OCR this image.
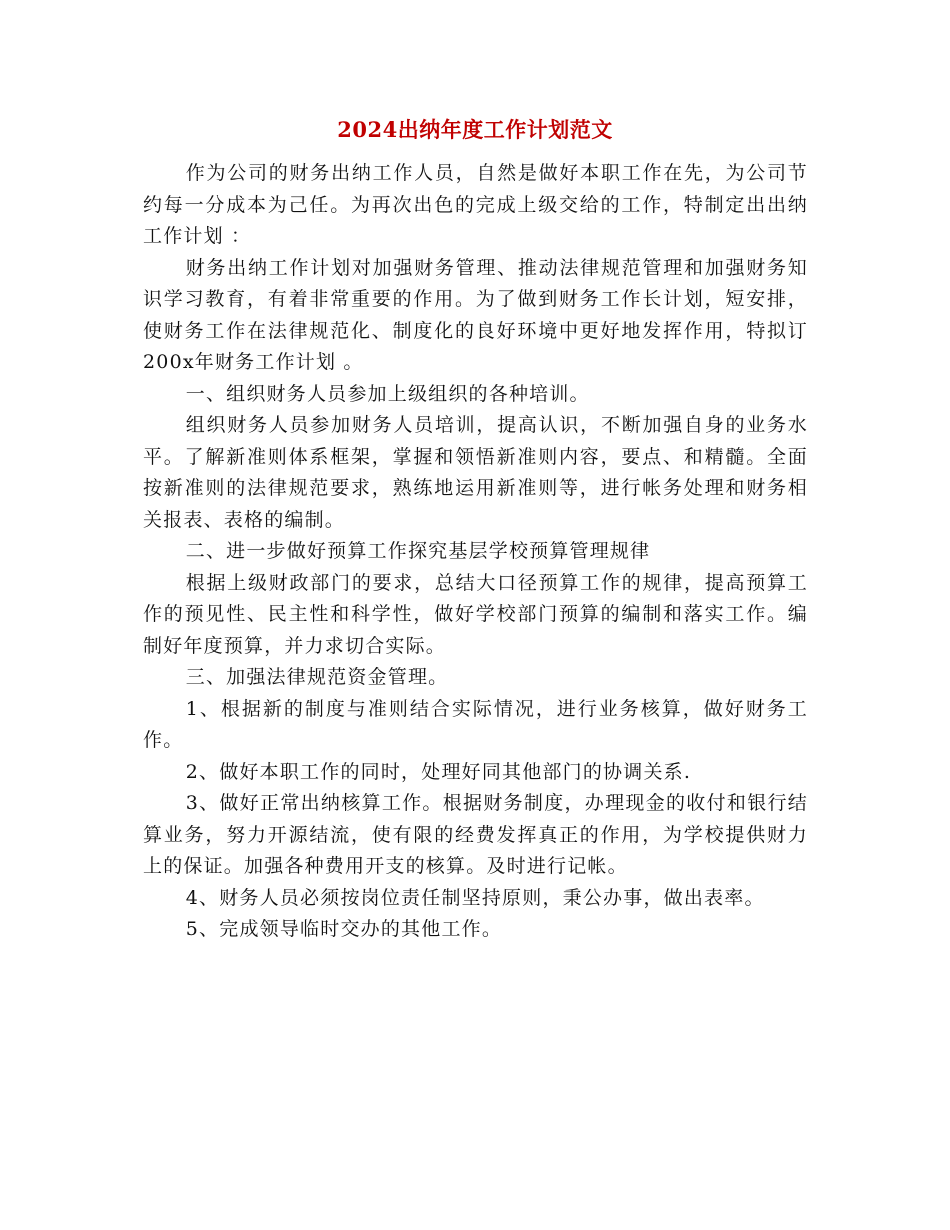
2024出纳年度工作计划范文

作为公司的财务出纳工作人员，自然是做好本职工作在先，为公司节约每一分成本为己任。为再次出色的完成上级交给的工作，特制定出出纳工作计划 ：

财务出纳工作计划对加强财务管理、推动法律规范管理和加强财务知识学习教育，有着非常重要的作用。为了做到财务工作长计划，短安排，使财务工作在法律规范化、制度化的良好环境中更好地发挥作用，特拟订200x年财务工作计划 。

一、组织财务人员参加上级组织的各种培训。

组织财务人员参加财务人员培训，提高认识，不断加强自身的业务水平。了解新准则体系框架，掌握和领悟新准则内容，要点、和精髓。全面按新准则的法律规范要求，熟练地运用新准则等，进行帐务处理和财务相关报表、表格的编制。

二、进一步做好预算工作探究基层学校预算管理规律

根据上级财政部门的要求，总结大口径预算工作的规律，提高预算工作的预见性、民主性和科学性，做好学校部门预算的编制和落实工作。编制好年度预算，并力求切合实际。

三、加强法律规范资金管理。

1、根据新的制度与准则结合实际情况，进行业务核算，做好财务工作。

2、做好本职工作的同时，处理好同其他部门的协调关系.

3、做好正常出纳核算工作。根据财务制度，办理现金的收付和银行结算业务，努力开源结流，使有限的经费发挥真正的作用，为学校提供财力上的保证。加强各种费用开支的核算。及时进行记帐。

4、财务人员必须按岗位责任制坚持原则，秉公办事，做出表率。

5、完成领导临时交办的其他工作。
